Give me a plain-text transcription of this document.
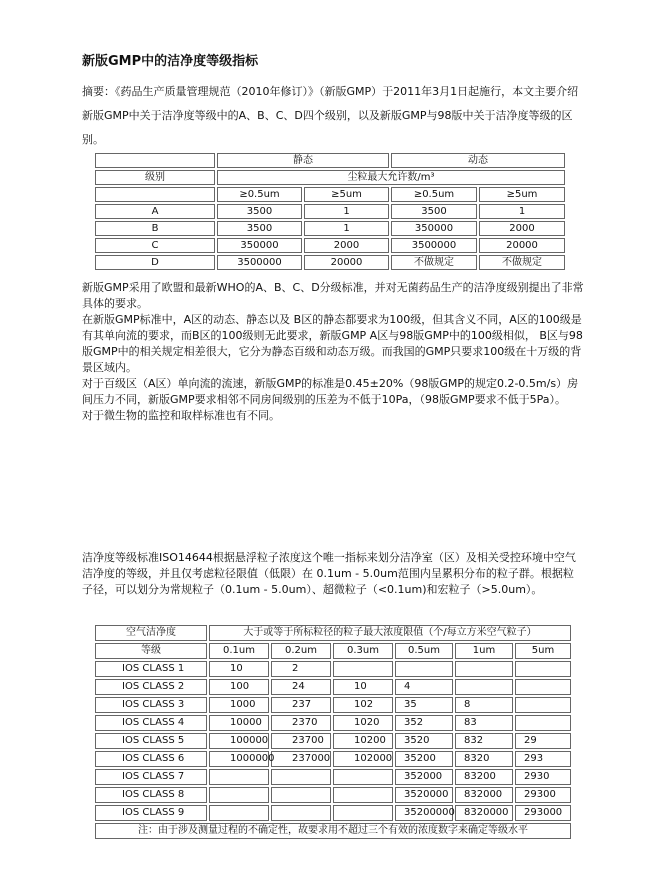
新版GMP中的洁净度等级指标
摘要：《药品生产质量管理规范（2010年修订）》（新版GMP）于2011年3月1日起施行，本文主要介绍新版GMP中关于洁净度等级中的A、B、C、D四个级别，以及新版GMP与98版中关于洁净度等级的区别。
	静态		动态	
级别	尘粒最大允许数/m³			
	≥0.5um	≥5um	≥0.5um	≥5um
A	3500	1	3500	1
B	3500	1	350000	2000
C	350000	2000	3500000	20000
D	3500000	20000	不做规定	不做规定

新版GMP采用了欧盟和最新WHO的A、B、C、D分级标准，并对无菌药品生产的洁净度级别提出了非常具体的要求。

在新版GMP标准中，A区的动态、静态以及 B区的静态都要求为100级，但其含义不同，A区的100级是有其单向流的要求，而B区的100级则无此要求，新版GMP A区与98版GMP中的100级相似， B区与98版GMP中的相关规定相差很大，它分为静态百级和动态万级。而我国的GMP只要求100级在十万级的背景区域内。

对于百级区（A区）单向流的流速，新版GMP的标准是0.45±20%（98版GMP的规定0.2-0.5m/s）房间压力不同，新版GMP要求相邻不同房间级别的压差为不低于10Pa，（98版GMP要求不低于5Pa）。

对于微生物的监控和取样标准也有不同。

洁净度等级标准ISO14644根据悬浮粒子浓度这个唯一指标来划分洁净室（区）及相关受控环境中空气洁净度的等级，并且仅考虑粒径限值（低限）在 0.1um - 5.0um范围内呈累积分布的粒子群。根据粒子径，可以划分为常规粒子（0.1um - 5.0um）、超微粒子（<0.1um)和宏粒子（>5.0um）。
空气洁净度	大于或等于所标粒径的粒子最大浓度限值（个/每立方米空气粒子）					
等级	0.1um	0.2um	0.3um	0.5um	1um	5um
IOS CLASS 1	10	2				
IOS CLASS 2	100	24	10	4		
IOS CLASS 3	1000	237	102	35	8	
IOS CLASS 4	10000	2370	1020	352	83	
IOS CLASS 5	100000	23700	10200	3520	832	29
IOS CLASS 6	1000000	237000	102000	35200	8320	293
IOS CLASS 7				352000	83200	2930
IOS CLASS 8				3520000	832000	29300
IOS CLASS 9				35200000	8320000	293000
注：由于涉及测量过程的不确定性，故要求用不超过三个有效的浓度数字来确定等级水平						
